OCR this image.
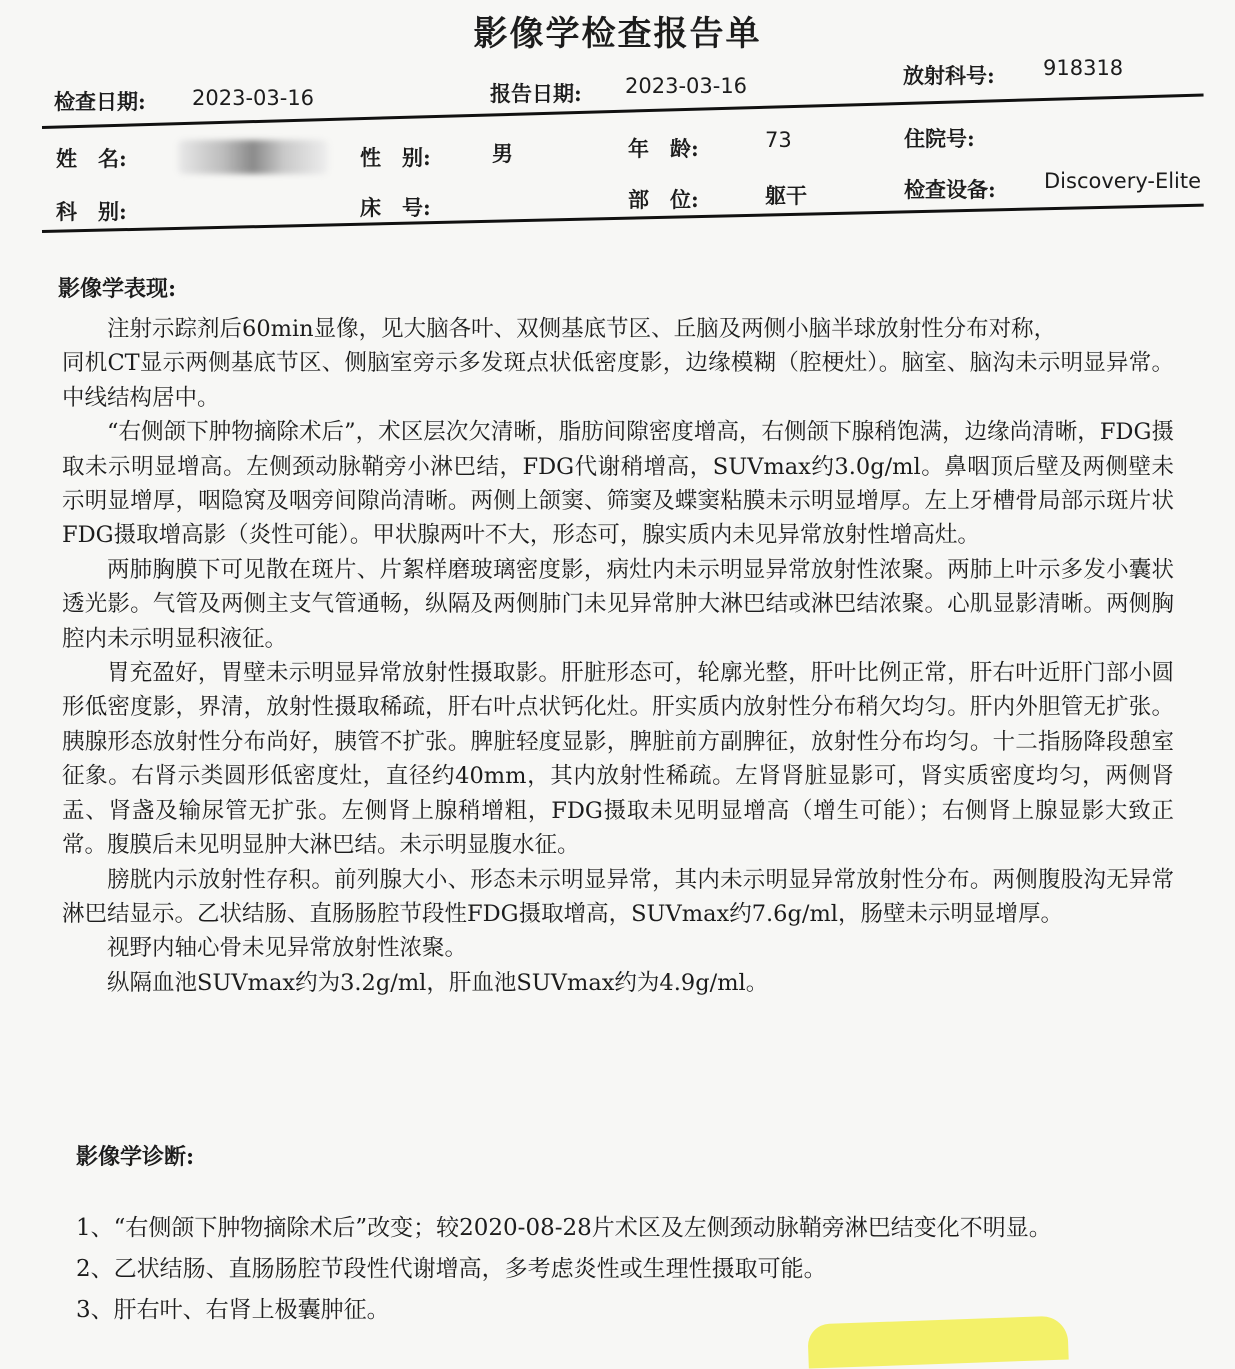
影像学检查报告单
检查日期: 2023-03-16	报告日期: 2023-03-16	放射科号: 918318
姓　名:	性　别:	男	年　龄:	73	住院号:
科　别:	床　号:	部　位:	躯干	检查设备: Discovery-Elite
影像学表现:

注射示踪剂后60min显像，见大脑各叶、双侧基底节区、丘脑及两侧小脑半球放射性分布对称，

同机CT显示两侧基底节区、侧脑室旁示多发斑点状低密度影，边缘模糊（腔梗灶）。脑室、脑沟未示明显异常。中线结构居中。

“右侧颌下肿物摘除术后”，术区层次欠清晰，脂肪间隙密度增高，右侧颌下腺稍饱满，边缘尚清晰，FDG摄取未示明显增高。左侧颈动脉鞘旁小淋巴结，FDG代谢稍增高，SUVmax约3.0g/ml。鼻咽顶后壁及两侧壁未示明显增厚，咽隐窝及咽旁间隙尚清晰。两侧上颌窦、筛窦及蝶窦粘膜未示明显增厚。左上牙槽骨局部示斑片状FDG摄取增高影（炎性可能）。甲状腺两叶不大，形态可，腺实质内未见异常放射性增高灶。

两肺胸膜下可见散在斑片、片絮样磨玻璃密度影，病灶内未示明显异常放射性浓聚。两肺上叶示多发小囊状透光影。气管及两侧主支气管通畅，纵隔及两侧肺门未见异常肿大淋巴结或淋巴结浓聚。心肌显影清晰。两侧胸腔内未示明显积液征。

胃充盈好，胃壁未示明显异常放射性摄取影。肝脏形态可，轮廓光整，肝叶比例正常，肝右叶近肝门部小圆形低密度影，界清，放射性摄取稀疏，肝右叶点状钙化灶。肝实质内放射性分布稍欠均匀。肝内外胆管无扩张。胰腺形态放射性分布尚好，胰管不扩张。脾脏轻度显影，脾脏前方副脾征，放射性分布均匀。十二指肠降段憩室征象。右肾示类圆形低密度灶，直径约40mm，其内放射性稀疏。左肾肾脏显影可，肾实质密度均匀，两侧肾盂、肾盏及输尿管无扩张。左侧肾上腺稍增粗，FDG摄取未见明显增高（增生可能）；右侧肾上腺显影大致正常。腹膜后未见明显肿大淋巴结。未示明显腹水征。

膀胱内示放射性存积。前列腺大小、形态未示明显异常，其内未示明显异常放射性分布。两侧腹股沟无异常淋巴结显示。乙状结肠、直肠肠腔节段性FDG摄取增高，SUVmax约7.6g/ml，肠壁未示明显增厚。

视野内轴心骨未见异常放射性浓聚。

纵隔血池SUVmax约为3.2g/ml，肝血池SUVmax约为4.9g/ml。

影像学诊断:
1、“右侧颌下肿物摘除术后”改变；较2020-08-28片术区及左侧颈动脉鞘旁淋巴结变化不明显。
2、乙状结肠、直肠肠腔节段性代谢增高，多考虑炎性或生理性摄取可能。
3、肝右叶、右肾上极囊肿征。
